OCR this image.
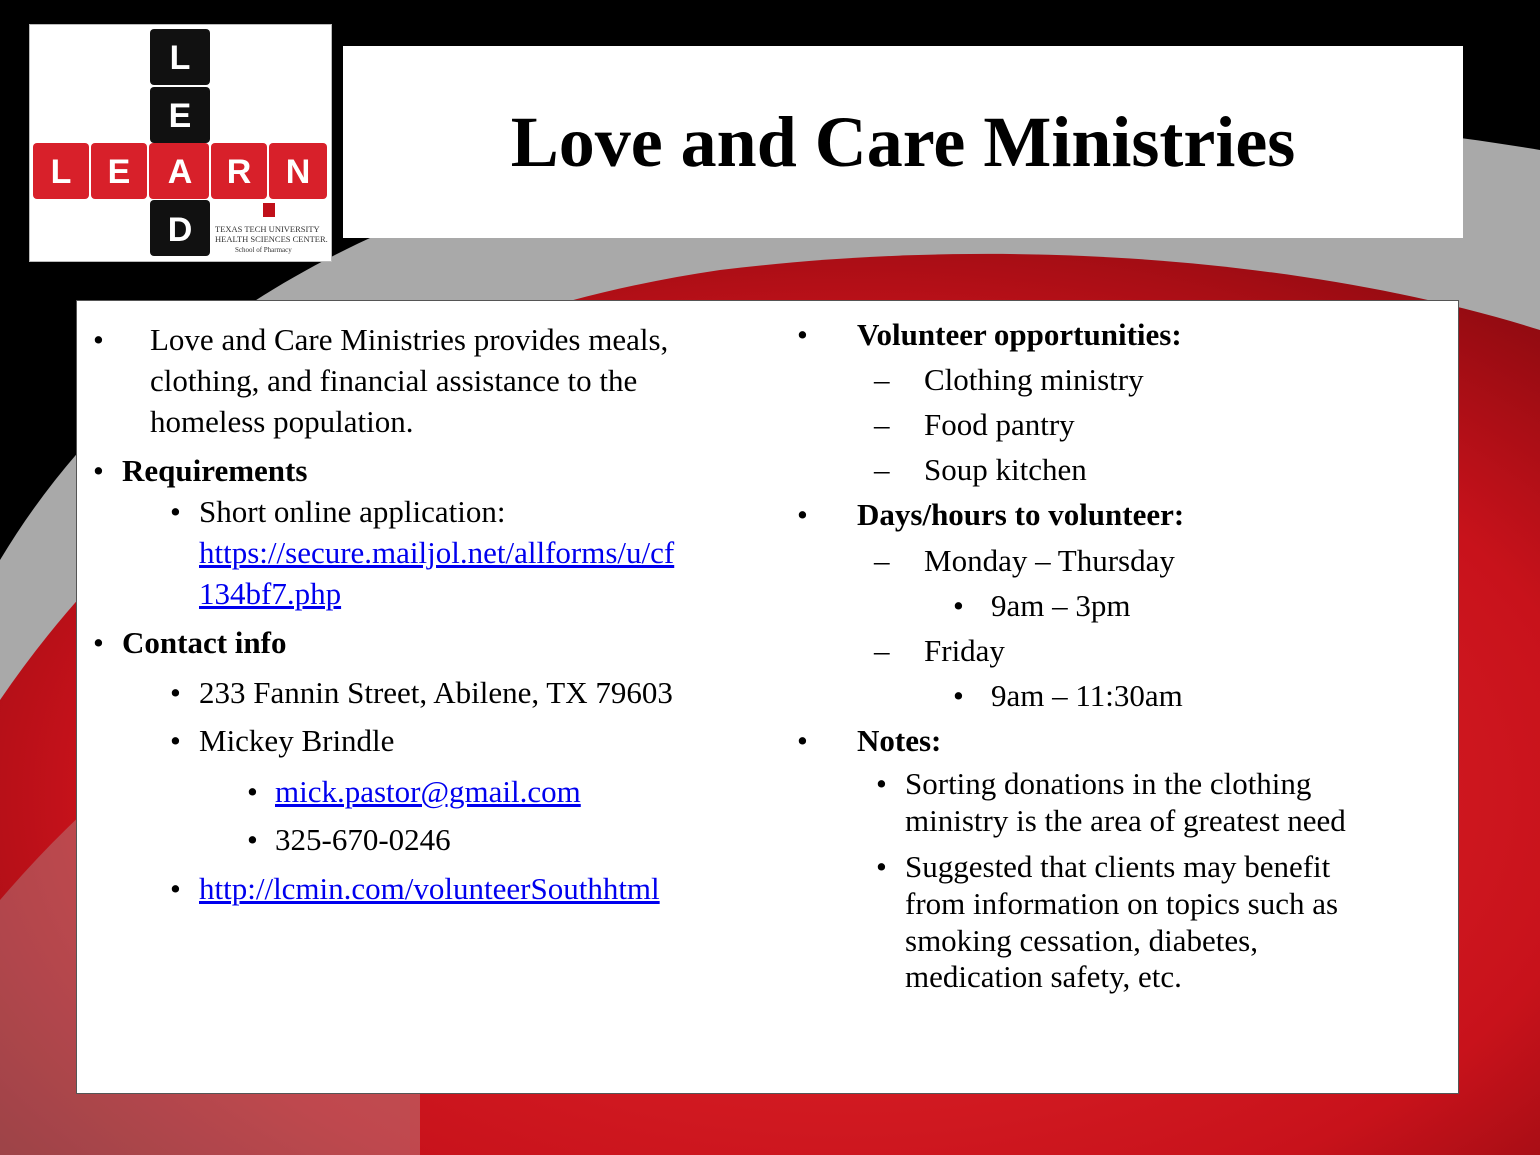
L
E
D
L E A R N
TEXAS TECH UNIVERSITY
HEALTH SCIENCES CENTER.
School of Pharmacy
Love and Care Ministries
• Love and Care Ministries provides meals,
clothing, and financial assistance to the
homeless population.
• Requirements
• Short online application:
https://secure.mailjol.net/allforms/u/cf
134bf7.php
• Contact info
• 233 Fannin Street, Abilene, TX 79603
• Mickey Brindle
• mick.pastor@gmail.com
• 325-670-0246
• http://lcmin.com/volunteerSouthhtml
• Volunteer opportunities:
– Clothing ministry
– Food pantry
– Soup kitchen
• Days/hours to volunteer:
– Monday – Thursday
• 9am – 3pm
– Friday
• 9am – 11:30am
• Notes:
• Sorting donations in the clothing
ministry is the area of greatest need
• Suggested that clients may benefit
from information on topics such as
smoking cessation, diabetes,
medication safety, etc.
